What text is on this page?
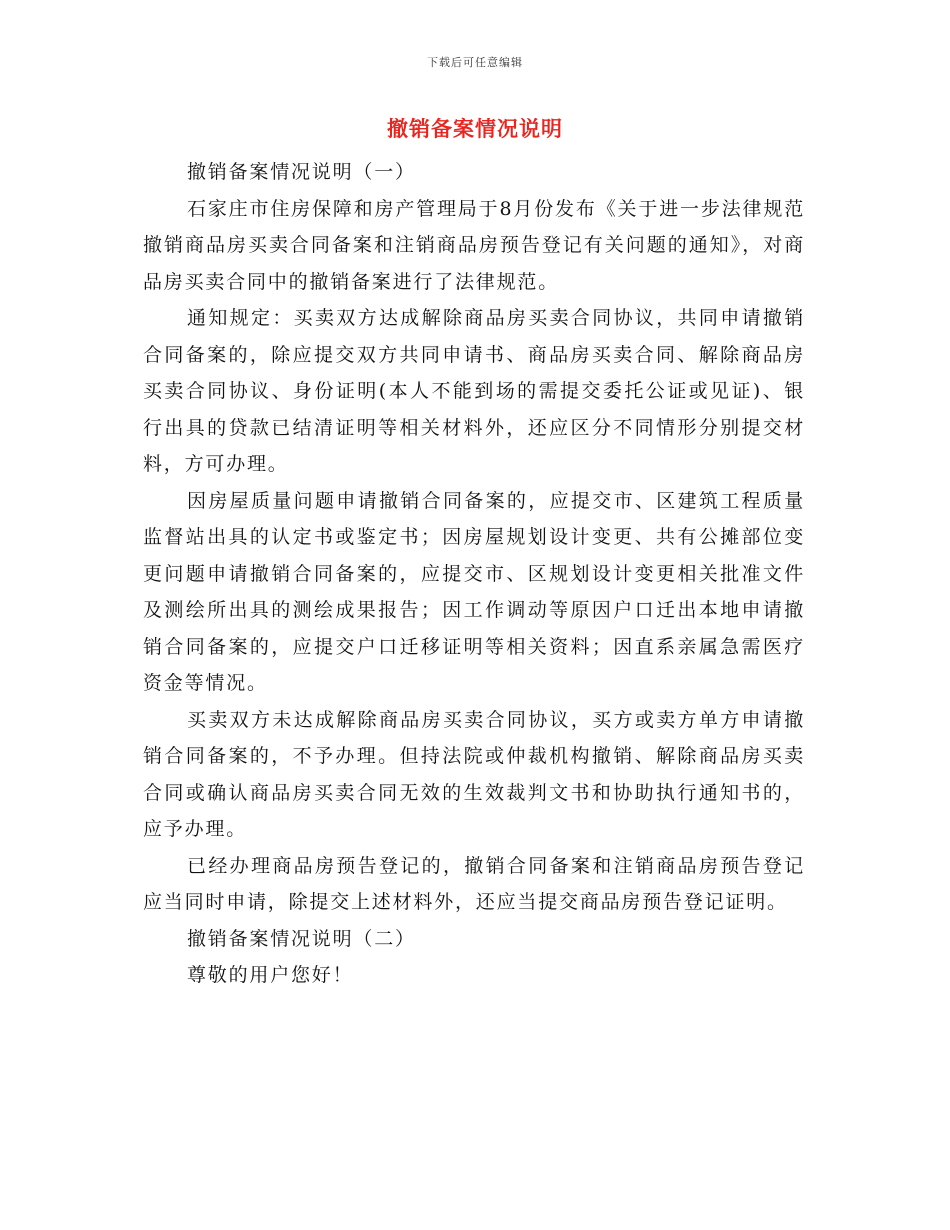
下载后可任意编辑
撤销备案情况说明

撤销备案情况说明（一）

石家庄市住房保障和房产管理局于8月份发布《关于进一步法律规范撤销商品房买卖合同备案和注销商品房预告登记有关问题的通知》，对商品房买卖合同中的撤销备案进行了法律规范。

通知规定：买卖双方达成解除商品房买卖合同协议，共同申请撤销合同备案的，除应提交双方共同申请书、商品房买卖合同、解除商品房买卖合同协议、身份证明(本人不能到场的需提交委托公证或见证)、银行出具的贷款已结清证明等相关材料外，还应区分不同情形分别提交材料，方可办理。

因房屋质量问题申请撤销合同备案的，应提交市、区建筑工程质量监督站出具的认定书或鉴定书；因房屋规划设计变更、共有公摊部位变更问题申请撤销合同备案的，应提交市、区规划设计变更相关批准文件及测绘所出具的测绘成果报告；因工作调动等原因户口迁出本地申请撤销合同备案的，应提交户口迁移证明等相关资料；因直系亲属急需医疗资金等情况。

买卖双方未达成解除商品房买卖合同协议，买方或卖方单方申请撤销合同备案的，不予办理。但持法院或仲裁机构撤销、解除商品房买卖合同或确认商品房买卖合同无效的生效裁判文书和协助执行通知书的，应予办理。

已经办理商品房预告登记的，撤销合同备案和注销商品房预告登记应当同时申请，除提交上述材料外，还应当提交商品房预告登记证明。

撤销备案情况说明（二）

尊敬的用户您好！
